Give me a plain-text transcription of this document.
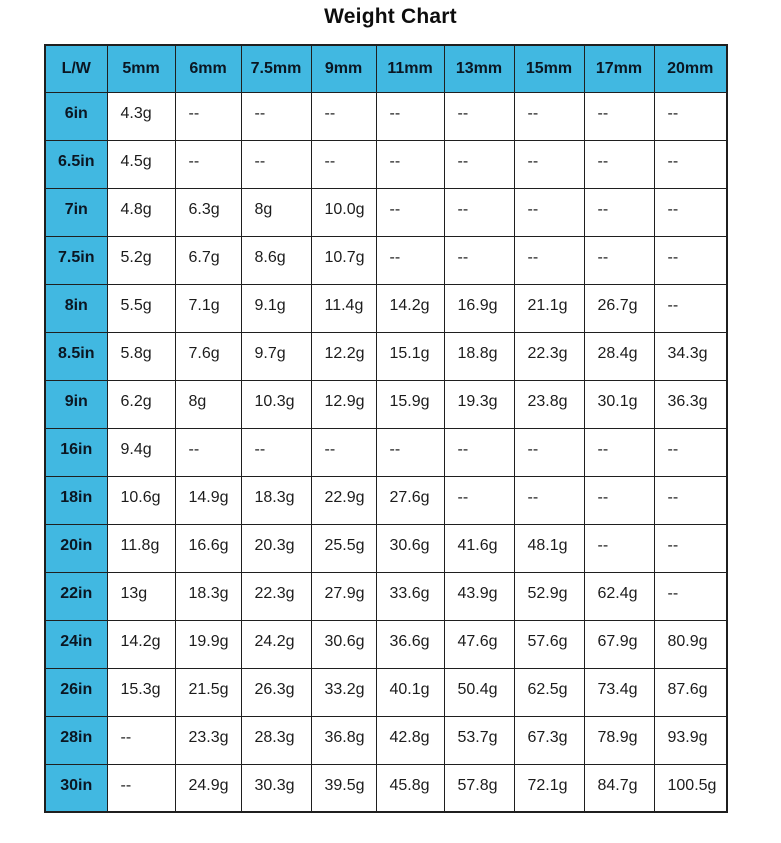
Weight Chart
L/W	5mm	6mm	7.5mm	9mm	11mm	13mm	15mm	17mm	20mm
6in	4.3g	--	--	--	--	--	--	--	--
6.5in	4.5g	--	--	--	--	--	--	--	--
7in	4.8g	6.3g	8g	10.0g	--	--	--	--	--
7.5in	5.2g	6.7g	8.6g	10.7g	--	--	--	--	--
8in	5.5g	7.1g	9.1g	11.4g	14.2g	16.9g	21.1g	26.7g	--
8.5in	5.8g	7.6g	9.7g	12.2g	15.1g	18.8g	22.3g	28.4g	34.3g
9in	6.2g	8g	10.3g	12.9g	15.9g	19.3g	23.8g	30.1g	36.3g
16in	9.4g	--	--	--	--	--	--	--	--
18in	10.6g	14.9g	18.3g	22.9g	27.6g	--	--	--	--
20in	11.8g	16.6g	20.3g	25.5g	30.6g	41.6g	48.1g	--	--
22in	13g	18.3g	22.3g	27.9g	33.6g	43.9g	52.9g	62.4g	--
24in	14.2g	19.9g	24.2g	30.6g	36.6g	47.6g	57.6g	67.9g	80.9g
26in	15.3g	21.5g	26.3g	33.2g	40.1g	50.4g	62.5g	73.4g	87.6g
28in	--	23.3g	28.3g	36.8g	42.8g	53.7g	67.3g	78.9g	93.9g
30in	--	24.9g	30.3g	39.5g	45.8g	57.8g	72.1g	84.7g	100.5g
